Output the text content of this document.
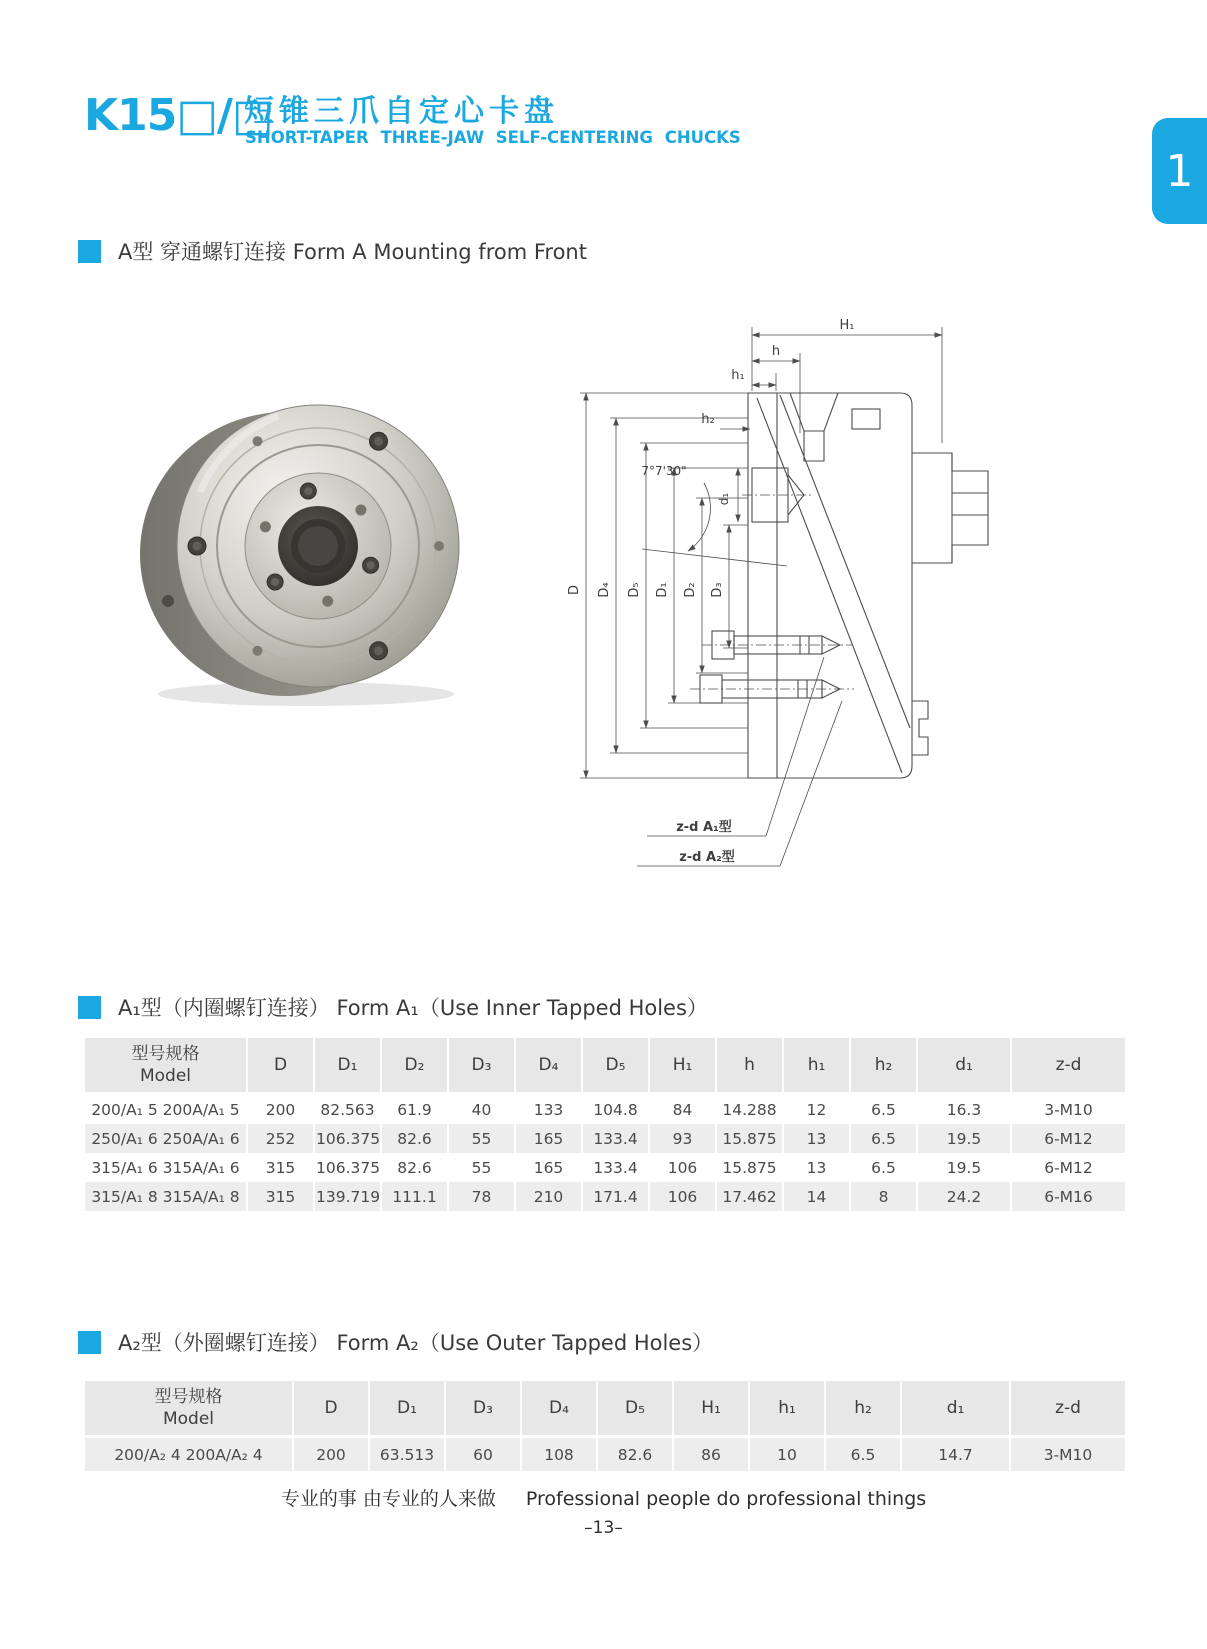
K15□/□
短锥三爪自定心卡盘
SHORT-TAPER THREE-JAW SELF-CENTERING CHUCKS
1
A型 穿通螺钉连接 Form A Mounting from Front
H₁
h
h₁
h₂
7°7'30"
d₁
D D₄ D₅ D₁ D₂ D₃
z-d A₁型
z-d A₂型
A₁型（内圈螺钉连接） Form A₁（Use Inner Tapped Holes）
型号规格
Model	D	D₁	D₂	D₃	D₄	D₅	H₁	h	h₁	h₂	d₁	z-d
200/A₁ 5 200A/A₁ 5	200	82.563	61.9	40	133	104.8	84	14.288	12	6.5	16.3	3-M10
250/A₁ 6 250A/A₁ 6	252	106.375	82.6	55	165	133.4	93	15.875	13	6.5	19.5	6-M12
315/A₁ 6 315A/A₁ 6	315	106.375	82.6	55	165	133.4	106	15.875	13	6.5	19.5	6-M12
315/A₁ 8 315A/A₁ 8	315	139.719	111.1	78	210	171.4	106	17.462	14	8	24.2	6-M16
A₂型（外圈螺钉连接） Form A₂（Use Outer Tapped Holes）
型号规格
Model	D	D₁	D₃	D₄	D₅	H₁	h₁	h₂	d₁	z-d
200/A₂ 4 200A/A₂ 4	200	63.513	60	108	82.6	86	10	6.5	14.7	3-M10
专业的事 由专业的人来做 Professional people do professional things
–13–
